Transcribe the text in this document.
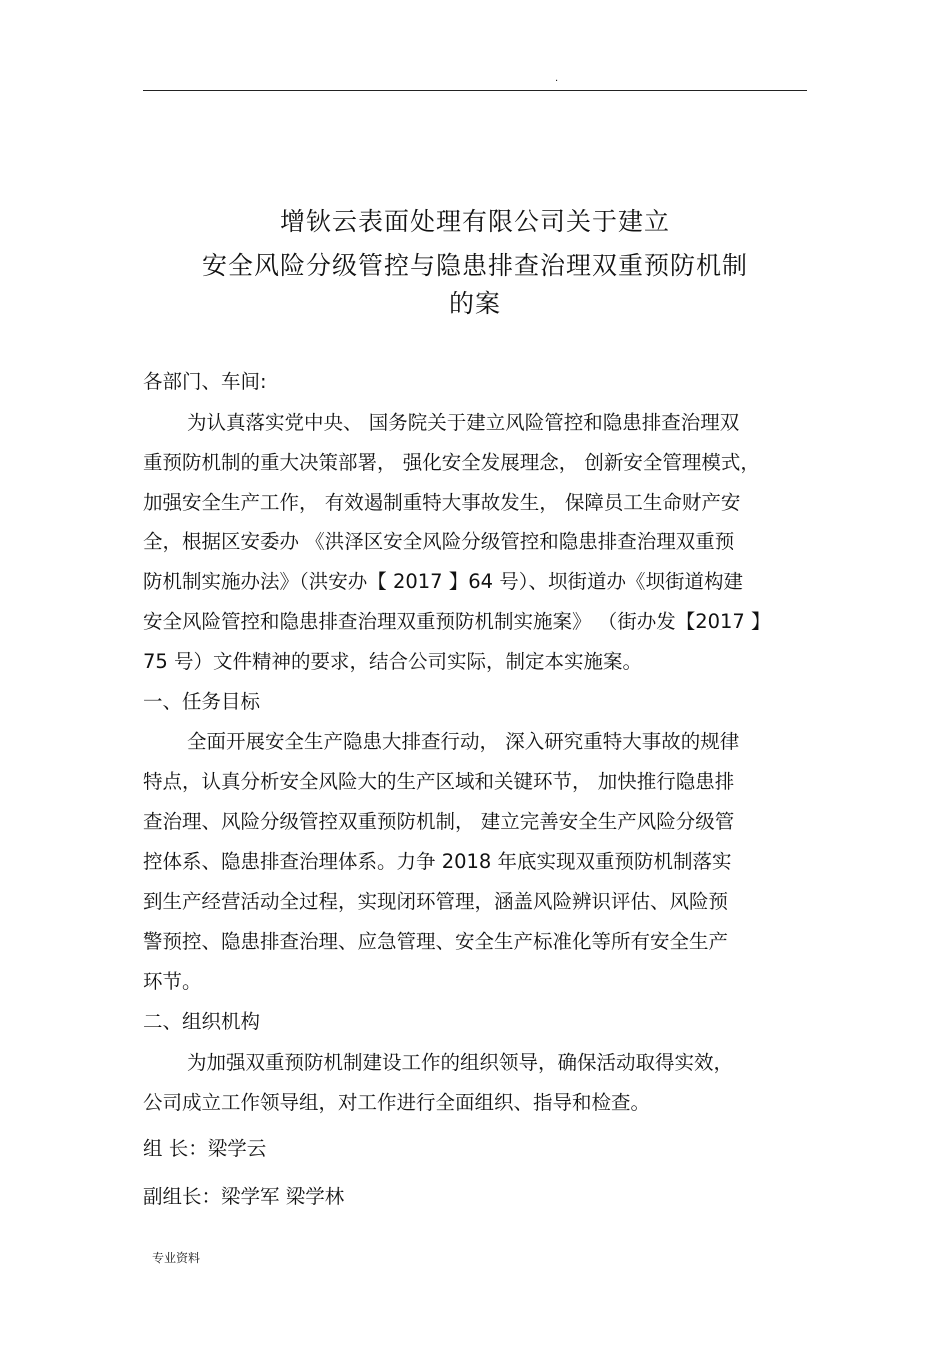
.
增钬云表面处理有限公司关于建立
安全风险分级管控与隐患排查治理双重预防机制
的案
各部门、车间:
为认真落实党中央、 国务院关于建立风险管控和隐患排查治理双
重预防机制的重大决策部署， 强化安全发展理念， 创新安全管理模式，
加强安全生产工作， 有效遏制重特大事故发生， 保障员工生命财产安
全，根据区安委办 《洪泽区安全风险分级管控和隐患排查治理双重预
防机制实施办法》（洪安办【 2017 】64 号）、坝街道办《坝街道构建
安全风险管控和隐患排查治理双重预防机制实施案》 （街办发【2017 】
75 号）文件精神的要求，结合公司实际，制定本实施案。
一、任务目标
全面开展安全生产隐患大排查行动， 深入研究重特大事故的规律
特点，认真分析安全风险大的生产区域和关键环节， 加快推行隐患排
查治理、风险分级管控双重预防机制， 建立完善安全生产风险分级管
控体系、隐患排查治理体系。力争 2018 年底实现双重预防机制落实
到生产经营活动全过程，实现闭环管理，涵盖风险辨识评估、风险预
警预控、隐患排查治理、应急管理、安全生产标准化等所有安全生产
环节。
二、组织机构
为加强双重预防机制建设工作的组织领导，确保活动取得实效，
公司成立工作领导组，对工作进行全面组织、指导和检查。
组 长：梁学云
副组长：梁学军 梁学林
专业资料
